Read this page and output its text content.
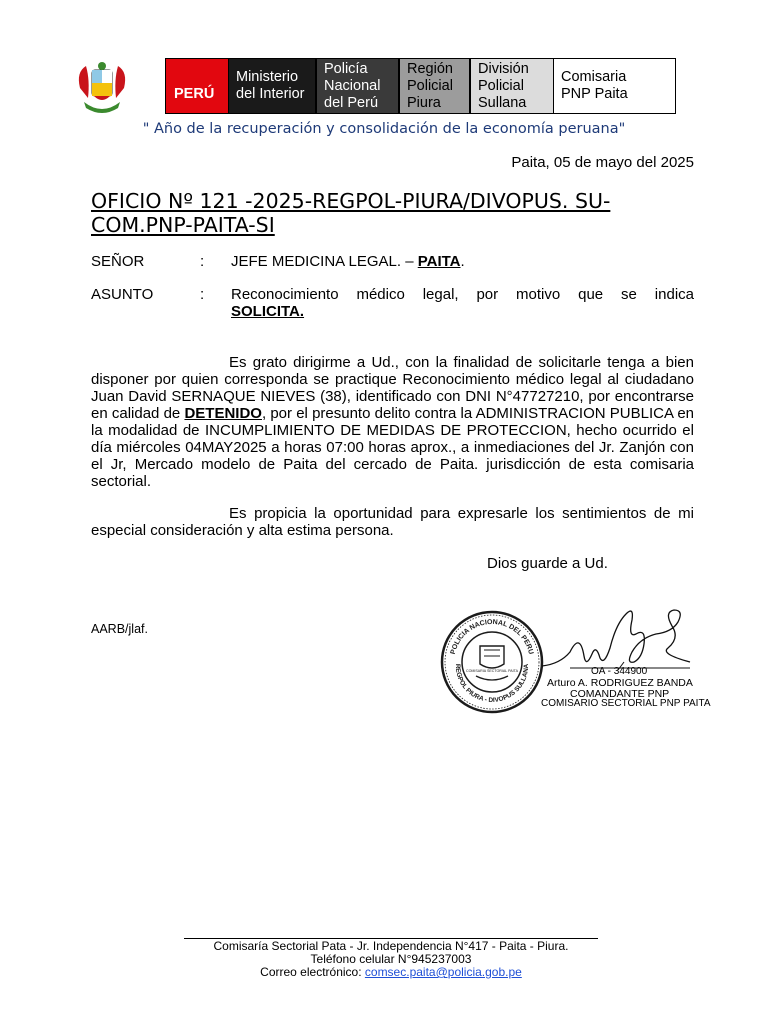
PERÚ
Ministerio
del Interior
Policía
Nacional
del Perú
Región
Policial
Piura
División
Policial
Sullana
Comisaria
PNP Paita
" Año de la recuperación y consolidación de la economía peruana"
Paita, 05 de mayo del 2025
OFICIO Nº 121 -2025-REGPOL-PIURA/DIVOPUS. SU-COM.PNP-PAITA-SI
SEÑOR	: JEFE MEDICINA LEGAL. – PAITA.
ASUNTO	: Reconocimiento médico legal, por motivo que se indica
SOLICITA.

Es grato dirigirme a Ud., con la finalidad de solicitarle tenga a bien disponer por quien corresponda se practique Reconocimiento médico legal al ciudadano Juan David SERNAQUE NIEVES (38), identificado con DNI N°47727210, por encontrarse en calidad de DETENIDO, por el presunto delito contra la ADMINISTRACION PUBLICA en la modalidad de INCUMPLIMIENTO DE MEDIDAS DE PROTECCION, hecho ocurrido el día miércoles 04MAY2025 a horas 07:00 horas aprox., a inmediaciones del Jr. Zanjón con el Jr, Mercado modelo de Paita del cercado de Paita. jurisdicción de esta comisaria sectorial.

Es propicia la oportunidad para expresarle los sentimientos de mi especial consideración y alta estima persona.

Dios guarde a Ud.
AARB/jlaf.
POLICIA NACIONAL DEL PERU
REGPOL PIURA - DIVOPUS SULLANA
COMISARIA SECTORIAL PAITA	OA - 344900
Arturo A. RODRIGUEZ BANDA
COMANDANTE PNP
COMISARIO SECTORIAL PNP PAITA
Comisaría Sectorial Pata - Jr. Independencia N°417 - Paita - Piura.
Teléfono celular N°945237003
Correo electrónico: comsec.paita@policia.gob.pe
